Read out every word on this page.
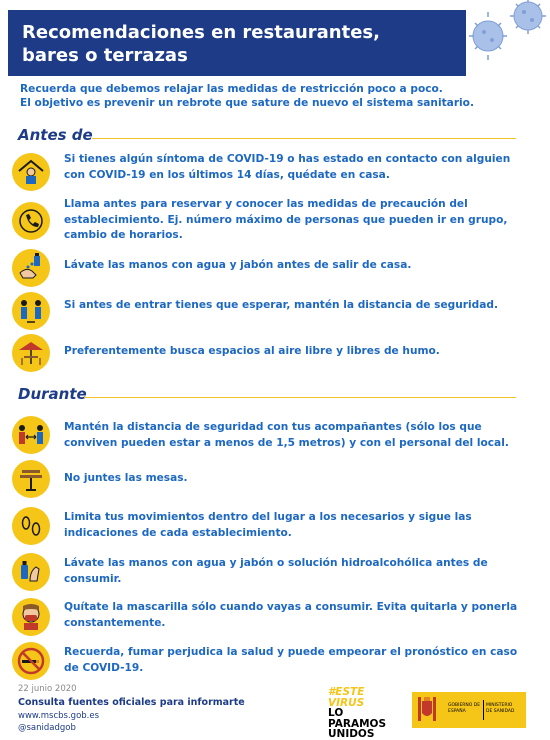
Recomendaciones en restaurantes, bares o terrazas
Recuerda que debemos relajar las medidas de restricción poco a poco.
El objetivo es prevenir un rebrote que sature de nuevo el sistema sanitario.
Antes de
Si tienes algún síntoma de COVID-19 o has estado en contacto con alguien con COVID-19 en los últimos 14 días, quédate en casa.
Llama antes para reservar y conocer las medidas de precaución del establecimiento. Ej. número máximo de personas que pueden ir en grupo, cambio de horarios.
Lávate las manos con agua y jabón antes de salir de casa.
Si antes de entrar tienes que esperar, mantén la distancia de seguridad.
Preferentemente busca espacios al aire libre y libres de humo.
Durante
Mantén la distancia de seguridad con tus acompañantes (sólo los que conviven pueden estar a menos de 1,5 metros) y con el personal del local.
No juntes las mesas.
Limita tus movimientos dentro del lugar a los necesarios y sigue las indicaciones de cada establecimiento.
Lávate las manos con agua y jabón o solución hidroalcohólica antes de consumir.
Quítate la mascarilla sólo cuando vayas a consumir. Evita quitarla y ponerla constantemente.
Recuerda, fumar perjudica la salud y puede empeorar el pronóstico en caso de COVID-19.
22 junio 2020
Consulta fuentes oficiales para informarte
www.mscbs.gob.es
@sanidadgob
#ESTE
VIRUS
LO
PARAMOS
UNIDOS
GOBIERNO DE ESPAÑA
MINISTERIO DE SANIDAD
